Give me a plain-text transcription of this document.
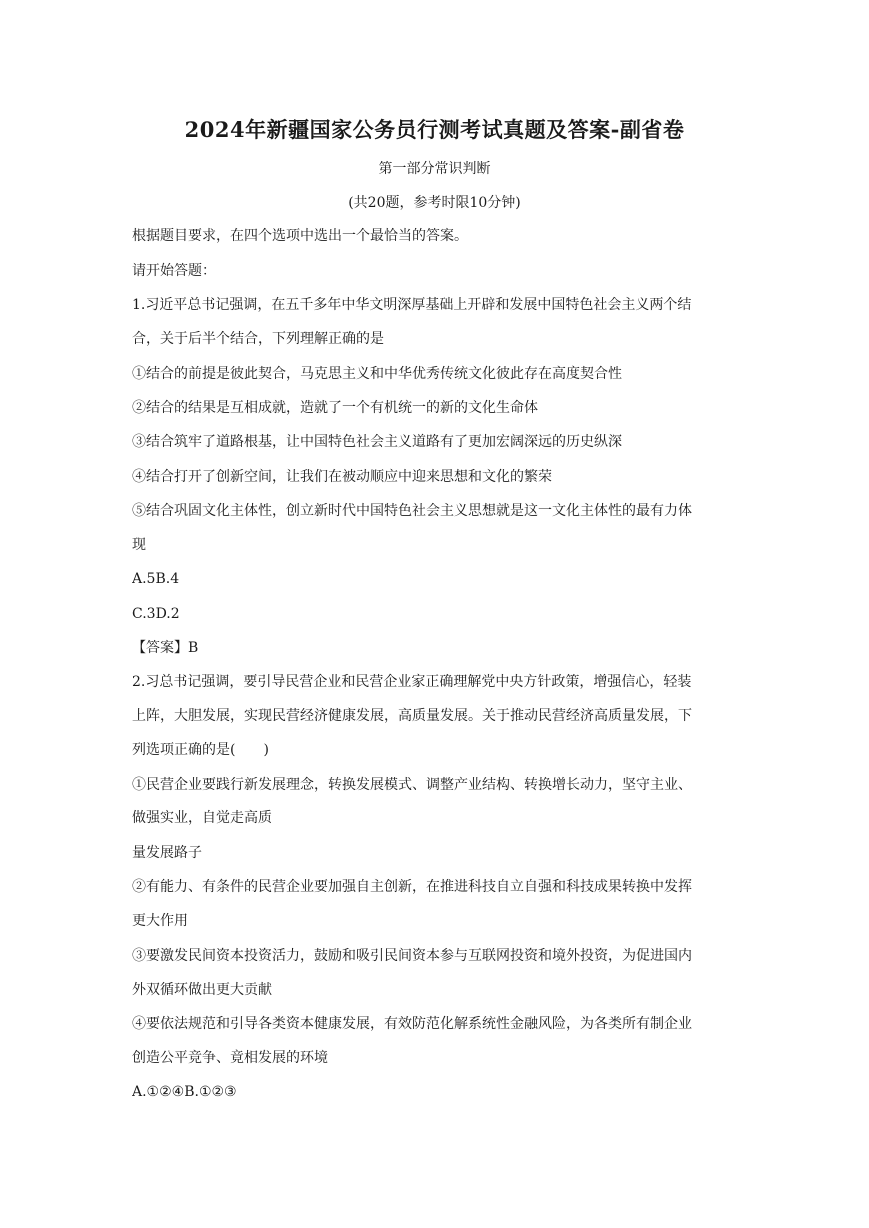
2024年新疆国家公务员行测考试真题及答案-副省卷
第一部分常识判断
(共20题，参考时限10分钟)
根据题目要求，在四个选项中选出一个最恰当的答案。
请开始答题：
1.习近平总书记强调，在五千多年中华文明深厚基础上开辟和发展中国特色社会主义两个结
合，关于后半个结合，下列理解正确的是
①结合的前提是彼此契合，马克思主义和中华优秀传统文化彼此存在高度契合性
②结合的结果是互相成就，造就了一个有机统一的新的文化生命体
③结合筑牢了道路根基，让中国特色社会主义道路有了更加宏阔深远的历史纵深
④结合打开了创新空间，让我们在被动顺应中迎来思想和文化的繁荣
⑤结合巩固文化主体性，创立新时代中国特色社会主义思想就是这一文化主体性的最有力体
现
A.5B.4
C.3D.2
【答案】B
2.习总书记强调，要引导民营企业和民营企业家正确理解党中央方针政策，增强信心，轻装
上阵，大胆发展，实现民营经济健康发展，高质量发展。关于推动民营经济高质量发展，下
列选项正确的是(　　)
①民营企业要践行新发展理念，转换发展模式、调整产业结构、转换增长动力，坚守主业、
做强实业，自觉走高质
量发展路子
②有能力、有条件的民营企业要加强自主创新，在推进科技自立自强和科技成果转换中发挥
更大作用
③要激发民间资本投资活力，鼓励和吸引民间资本参与互联网投资和境外投资，为促进国内
外双循环做出更大贡献
④要依法规范和引导各类资本健康发展，有效防范化解系统性金融风险，为各类所有制企业
创造公平竞争、竟相发展的环境
A.①②④B.①②③
